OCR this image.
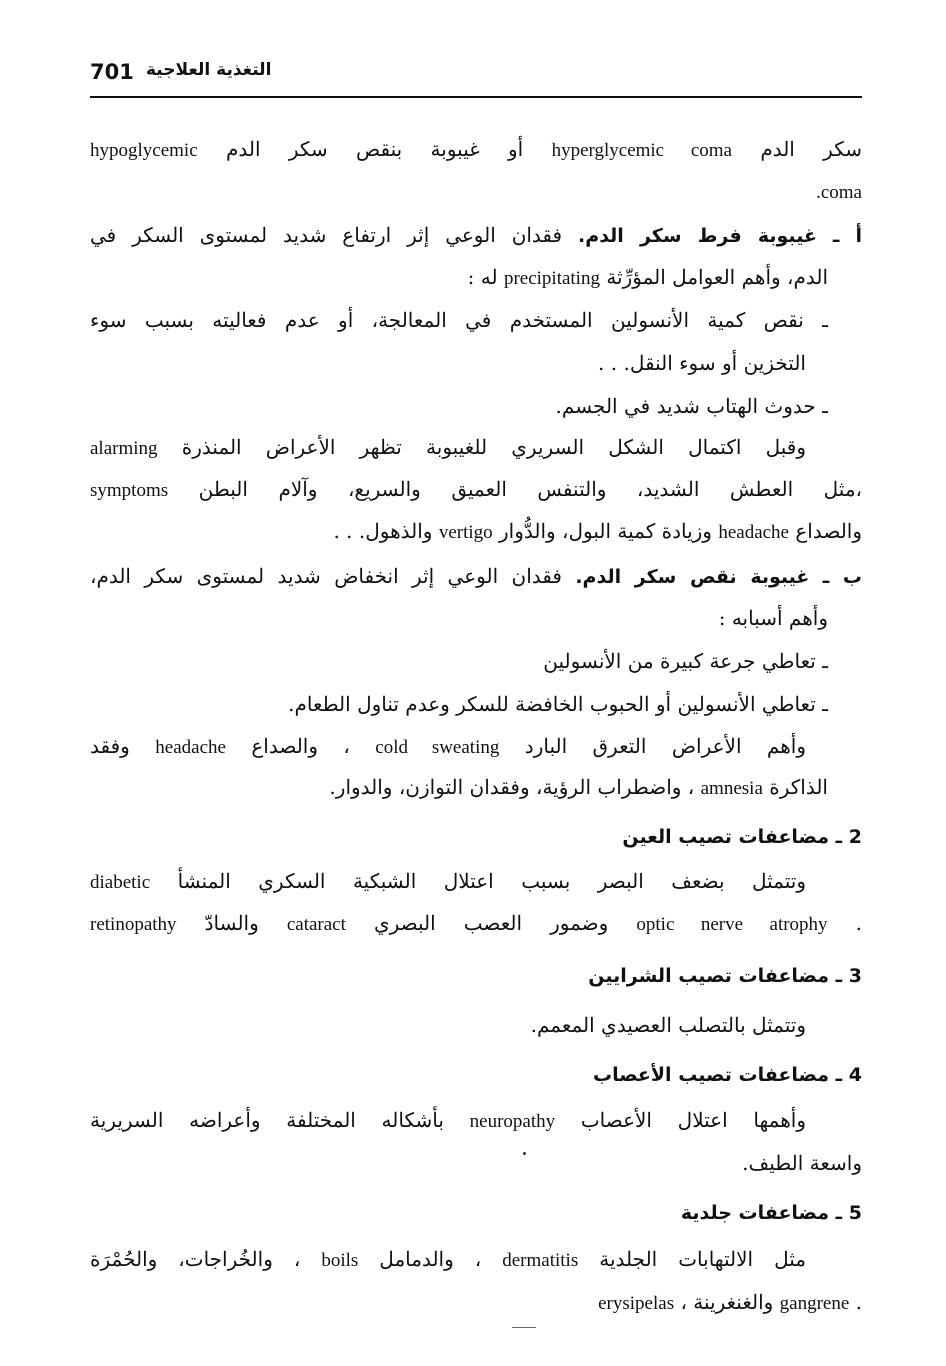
701 التغذية العلاجية
سكر الدم hyperglycemic coma أو غيبوبة بنقص سكر الدم hypoglycemic
.coma
أ ـ غيبوبة فرط سكر الدم. فقدان الوعي إثر ارتفاع شديد لمستوى السكر في
الدم، وأهم العوامل المؤرِّثة precipitating له :
ـ نقص كمية الأنسولين المستخدم في المعالجة، أو عدم فعاليته بسبب سوء
التخزين أو سوء النقل. . .
ـ حدوث الهتاب شديد في الجسم.
وقبل اكتمال الشكل السريري للغيبوبة تظهر الأعراض المنذرة alarming
symptoms مثل العطش الشديد، والتنفس العميق والسريع، وآلام البطن،
والصداع headache وزيادة كمية البول، والدُّوار vertigo والذهول. . .
ب ـ غيبوبة نقص سكر الدم. فقدان الوعي إثر انخفاض شديد لمستوى سكر الدم،
وأهم أسبابه :
ـ تعاطي جرعة كبيرة من الأنسولين
ـ تعاطي الأنسولين أو الحبوب الخافضة للسكر وعدم تناول الطعام.
وأهم الأعراض التعرق البارد cold sweating ، والصداع headache وفقد
الذاكرة amnesia ، واضطراب الرؤية، وفقدان التوازن، والدوار.
2 ـ مضاعفات تصيب العين
وتتمثل بضعف البصر بسبب اعتلال الشبكية السكري المنشأ diabetic
retinopathy والسادّ cataract وضمور العصب البصري optic nerve atrophy .
3 ـ مضاعفات تصيب الشرايين
وتتمثل بالتصلب العصيدي المعمم.
4 ـ مضاعفات تصيب الأعصاب
وأهمها اعتلال الأعصاب neuropathy بأشكاله المختلفة وأعراضه السريرية
واسعة الطيف.
5 ـ مضاعفات جلدية
مثل الالتهابات الجلدية dermatitis ، والدمامل boils ، والخُراجات، والحُمْرَة
erysipelas ، والغنغرينة gangrene .
